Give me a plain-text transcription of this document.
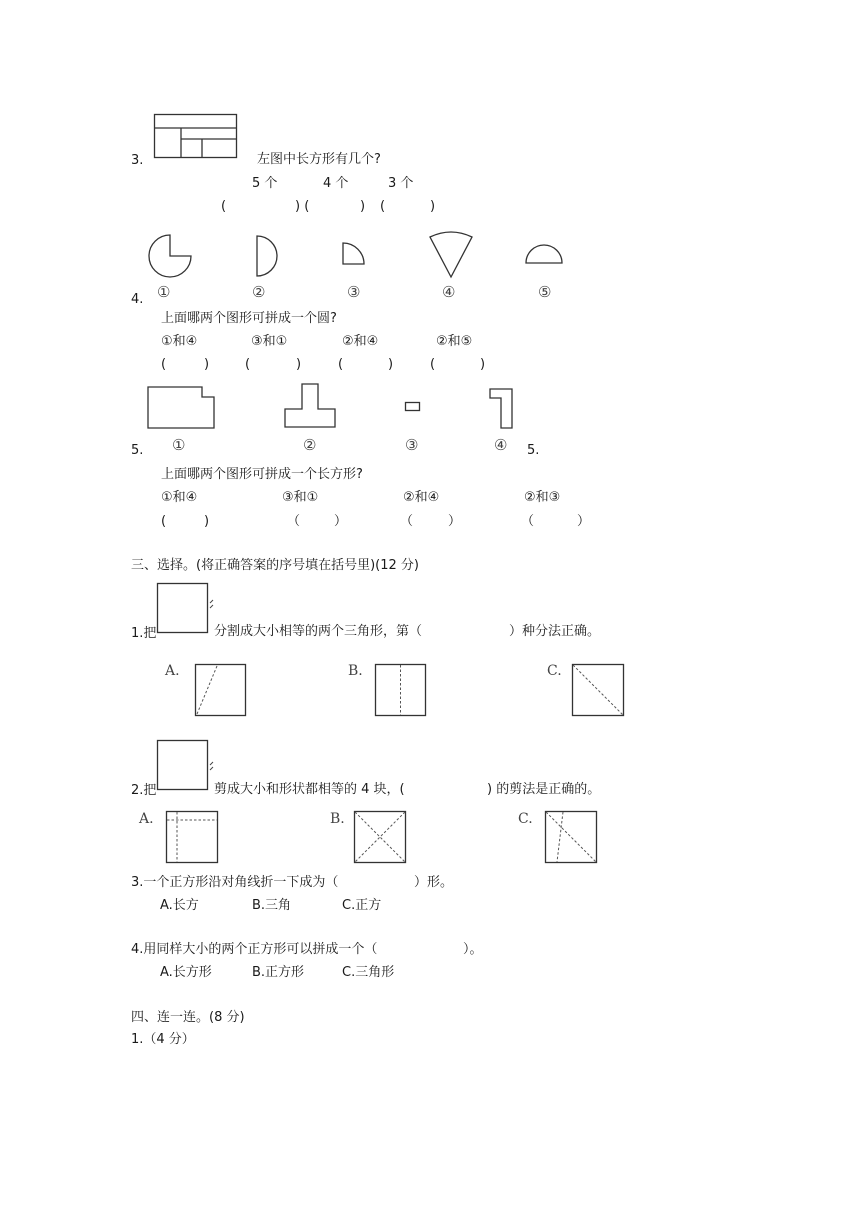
3.	左图中长方形有几个?
5 个	4 个	3 个
(	) (	) (	)
①	②	③	④	⑤
4.
上面哪两个图形可拼成一个圆?
①和④	③和①	②和④	②和⑤
(	)	(	)	(	)	(	)
①	②	③	④
5.	5.
上面哪两个图形可拼成一个长方形?
①和④	③和①	②和④	②和③
(	)	（	）	（	）	（	）
三、选择。(将正确答案的序号填在括号里)(12 分)
1.把	分割成大小相等的两个三角形，第（	）种分法正确。
A.	B.	C.
2.把	剪成大小和形状都相等的 4 块，(	) 的剪法是正确的。
A.	B.	C.
3.一个正方形沿对角线折一下成为（	）形。
A.长方	B.三角	C.正方
4.用同样大小的两个正方形可以拼成一个（	）。
A.长方形	B.正方形	C.三角形
四、连一连。(8 分)
1.（4 分）
